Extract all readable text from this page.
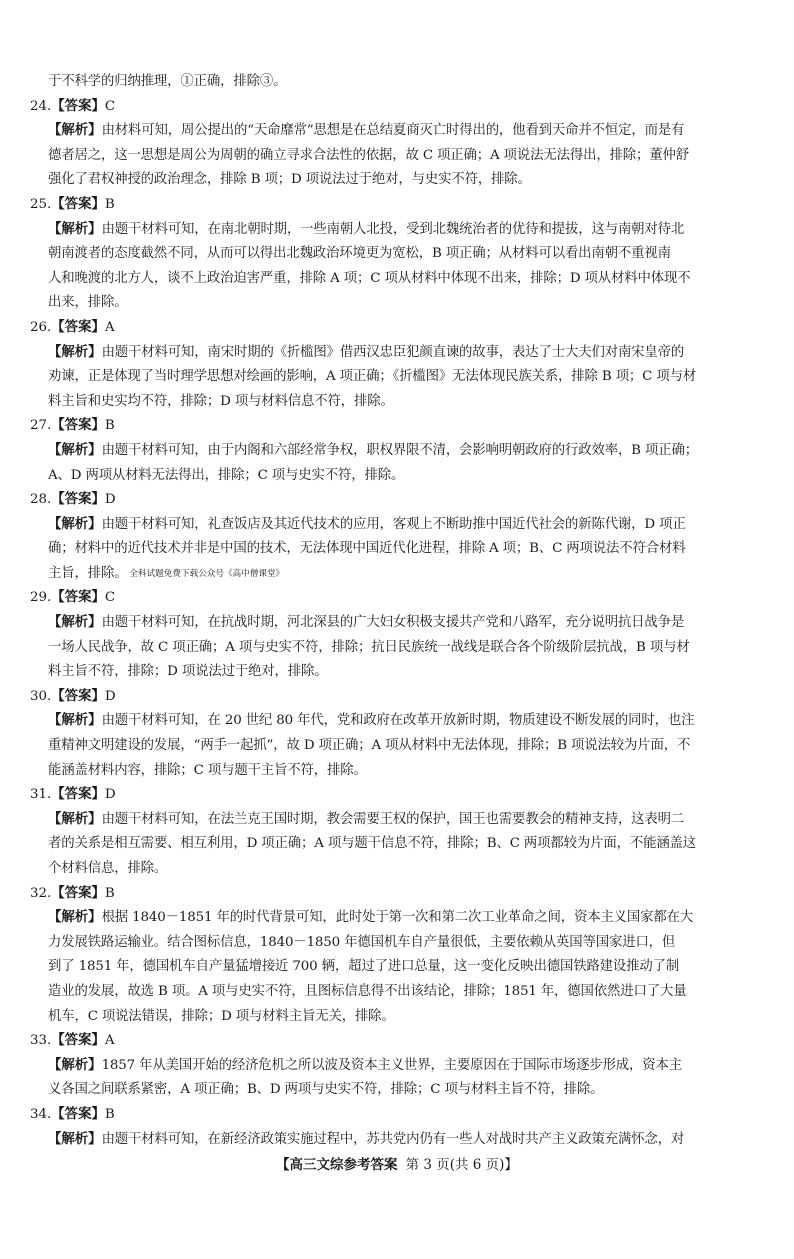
于不科学的归纳推理，①正确，排除③。
24.【答案】C
【解析】由材料可知，周公提出的“天命靡常”思想是在总结夏商灭亡时得出的，他看到天命并不恒定，而是有
德者居之，这一思想是周公为周朝的确立寻求合法性的依据，故 C 项正确；A 项说法无法得出，排除；董仲舒
强化了君权神授的政治理念，排除 B 项；D 项说法过于绝对，与史实不符，排除。
25.【答案】B
【解析】由题干材料可知，在南北朝时期，一些南朝人北投，受到北魏统治者的优待和提拔，这与南朝对待北
朝南渡者的态度截然不同，从而可以得出北魏政治环境更为宽松，B 项正确；从材料可以看出南朝不重视南
人和晚渡的北方人，谈不上政治迫害严重，排除 A 项；C 项从材料中体现不出来，排除；D 项从材料中体现不
出来，排除。
26.【答案】A
【解析】由题干材料可知，南宋时期的《折槛图》借西汉忠臣犯颜直谏的故事，表达了士大夫们对南宋皇帝的
劝谏，正是体现了当时理学思想对绘画的影响，A 项正确；《折槛图》无法体现民族关系，排除 B 项；C 项与材
料主旨和史实均不符，排除；D 项与材料信息不符，排除。
27.【答案】B
【解析】由题干材料可知，由于内阁和六部经常争权，职权界限不清，会影响明朝政府的行政效率，B 项正确；
A、D 两项从材料无法得出，排除；C 项与史实不符，排除。
28.【答案】D
【解析】由题干材料可知，礼查饭店及其近代技术的应用，客观上不断助推中国近代社会的新陈代谢，D 项正
确；材料中的近代技术并非是中国的技术，无法体现中国近代化进程，排除 A 项；B、C 两项说法不符合材料
主旨，排除。 全科试题免费下载公众号《高中僧课堂》
29.【答案】C
【解析】由题干材料可知，在抗战时期，河北深县的广大妇女积极支援共产党和八路军，充分说明抗日战争是
一场人民战争，故 C 项正确；A 项与史实不符，排除；抗日民族统一战线是联合各个阶级阶层抗战，B 项与材
料主旨不符，排除；D 项说法过于绝对，排除。
30.【答案】D
【解析】由题干材料可知，在 20 世纪 80 年代，党和政府在改革开放新时期，物质建设不断发展的同时，也注
重精神文明建设的发展，“两手一起抓”，故 D 项正确；A 项从材料中无法体现，排除；B 项说法较为片面，不
能涵盖材料内容，排除；C 项与题干主旨不符，排除。
31.【答案】D
【解析】由题干材料可知，在法兰克王国时期，教会需要王权的保护，国王也需要教会的精神支持，这表明二
者的关系是相互需要、相互利用，D 项正确；A 项与题干信息不符，排除；B、C 两项都较为片面，不能涵盖这
个材料信息，排除。
32.【答案】B
【解析】根据 1840－1851 年的时代背景可知，此时处于第一次和第二次工业革命之间，资本主义国家都在大
力发展铁路运输业。结合图标信息，1840－1850 年德国机车自产量很低，主要依赖从英国等国家进口，但
到了 1851 年，德国机车自产量猛增接近 700 辆，超过了进口总量，这一变化反映出德国铁路建设推动了制
造业的发展，故选 B 项。A 项与史实不符，且图标信息得不出该结论，排除；1851 年，德国依然进口了大量
机车，C 项说法错误，排除；D 项与材料主旨无关，排除。
33.【答案】A
【解析】1857 年从美国开始的经济危机之所以波及资本主义世界，主要原因在于国际市场逐步形成，资本主
义各国之间联系紧密，A 项正确；B、D 两项与史实不符，排除；C 项与材料主旨不符，排除。
34.【答案】B
【解析】由题干材料可知，在新经济政策实施过程中，苏共党内仍有一些人对战时共产主义政策充满怀念，对
【高三文综参考答案 第 3 页(共 6 页)】
